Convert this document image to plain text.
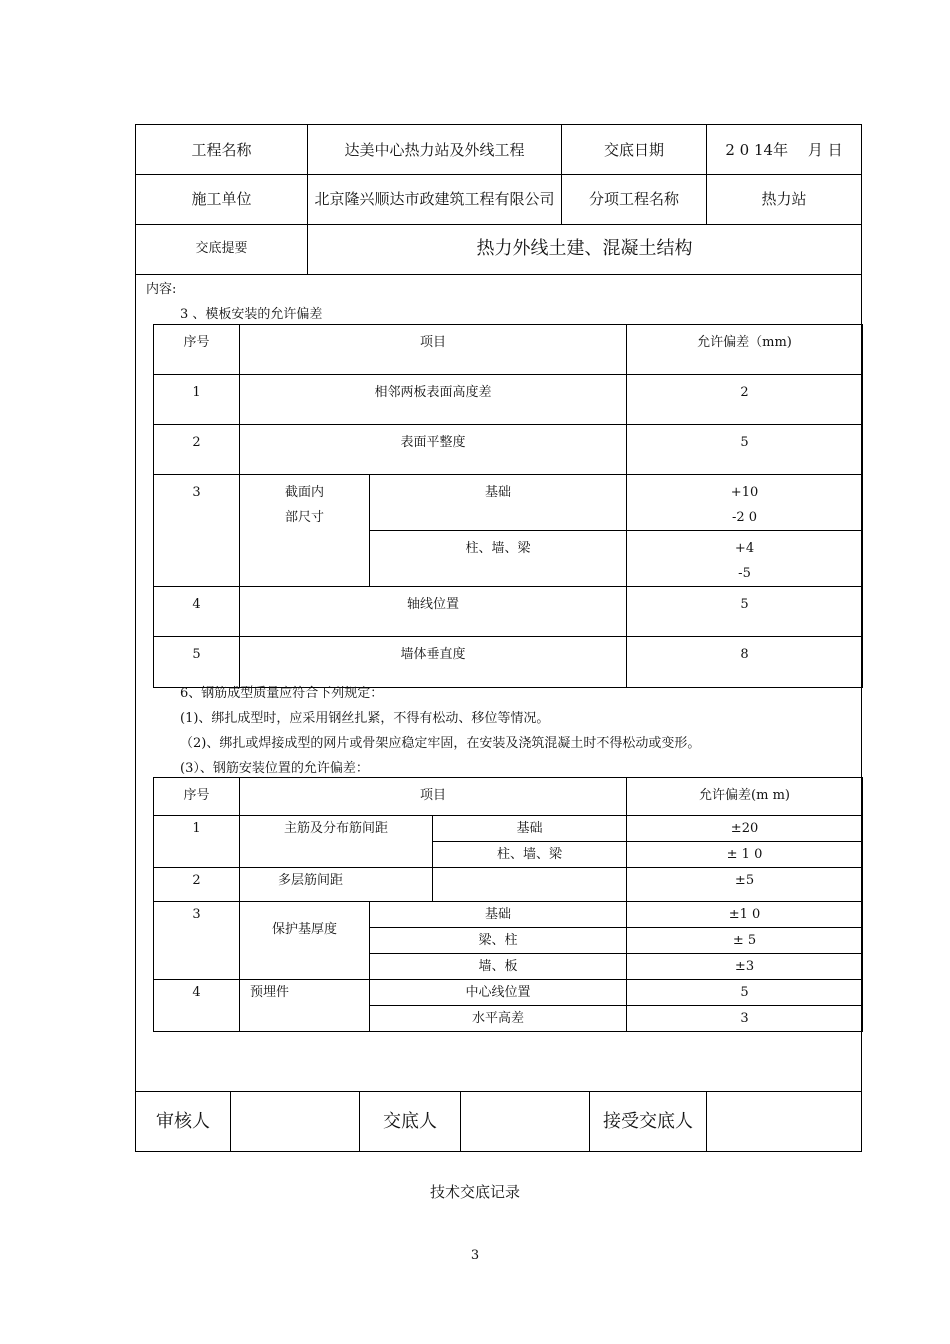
工程名称	达美中心热力站及外线工程	交底日期	2 0 14年　 月 日
施工单位	北京隆兴顺达市政建筑工程有限公司	分项工程名称	热力站
交底提要	热力外线土建、混凝土结构
内容:
3 、模板安装的允许偏差
序号	项目		允许偏差（mm)

1	相邻两板表面高度差		2

2	表面平整度		5

3	截面内
部尺寸	基础	+10
-2 0

		柱、墙、梁	+4
-5

4	轴线位置		5

5	墙体垂直度		8
6、钢筋成型质量应符合下列规定：
(1)、绑扎成型时，应采用钢丝扎紧，不得有松动、移位等情况。
（2)、绑扎或焊接成型的网片或骨架应稳定牢固，在安装及浇筑混凝土时不得松动或变形。
(3）、钢筋安装位置的允许偏差：
序号	项目			允许偏差(m m)

1	主筋及分布筋间距		基础	±20

			柱、墙、梁	± 1 0

2	多层筋间距			±5

3	保护基厚度	基础		±1 0

		梁、柱		± 5

		墙、板		±3

4	预埋件	中心线位置		5

		水平高差		3
审核人	交底人	接受交底人
技术交底记录
3
